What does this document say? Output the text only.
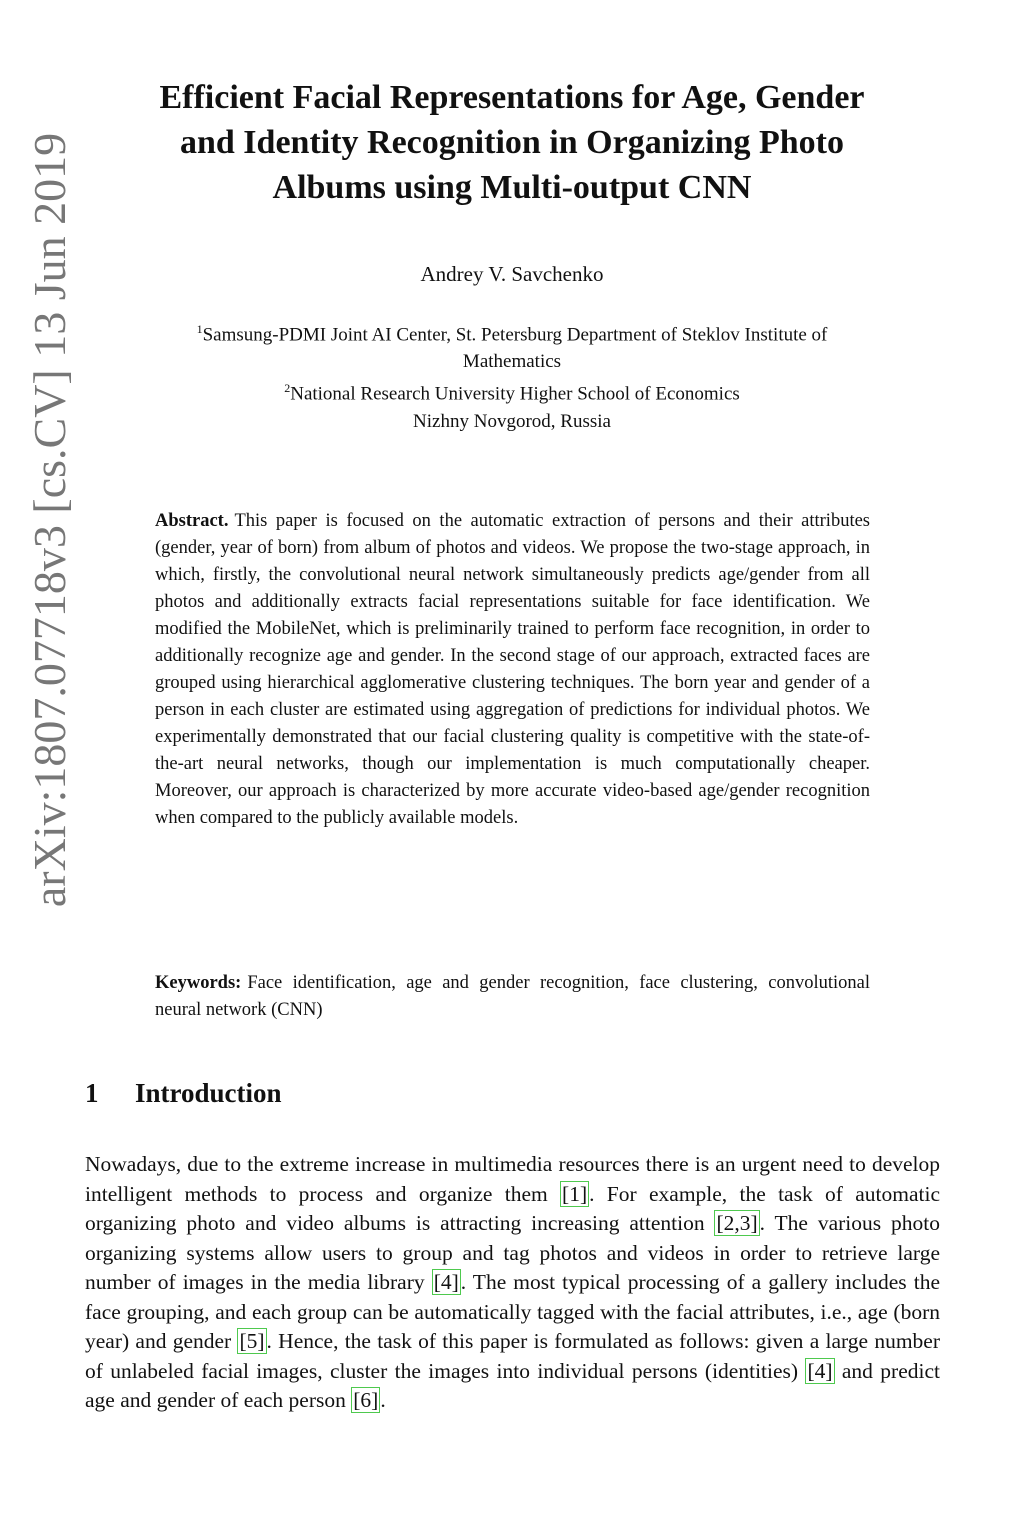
arXiv:1807.07718v3 [cs.CV] 13 Jun 2019
Efficient Facial Representations for Age, Gender
and Identity Recognition in Organizing Photo
Albums using Multi-output CNN
Andrey V. Savchenko
$^1$Samsung-PDMI Joint AI Center, St. Petersburg Department of Steklov Institute of
Mathematics
$^2$National Research University Higher School of Economics
Nizhny Novgorod, Russia
Abstract. This paper is focused on the automatic extraction of persons and their attributes (gender, year of born) from album of photos and videos. We propose the two-stage approach, in which, firstly, the convolutional neural network simultaneously predicts age/gender from all photos and additionally extracts facial representations suitable for face identification. We modified the MobileNet, which is preliminarily trained to perform face recognition, in order to additionally recognize age and gender. In the second stage of our approach, extracted faces are grouped using hierarchical agglomerative clustering techniques. The born year and gender of a person in each cluster are estimated using aggregation of predictions for individual photos. We experimentally demonstrated that our facial clustering quality is competitive with the state-of-the-art neural networks, though our implementation is much computationally cheaper. Moreover, our approach is characterized by more accurate video-based age/gender recognition when compared to the publicly available models.
Keywords: Face identification, age and gender recognition, face clustering, convolutional neural network (CNN)
1 Introduction
Nowadays, due to the extreme increase in multimedia resources there is an urgent need to develop intelligent methods to process and organize them [1]. For example, the task of automatic organizing photo and video albums is attracting increasing attention [2,3]. The various photo organizing systems allow users to group and tag photos and videos in order to retrieve large number of images in the media library [4]. The most typical processing of a gallery includes the face grouping, and each group can be automatically tagged with the facial attributes, i.e., age (born year) and gender [5]. Hence, the task of this paper is formulated as follows: given a large number of unlabeled facial images, cluster the images into individual persons (identities) [4] and predict age and gender of each person [6].
